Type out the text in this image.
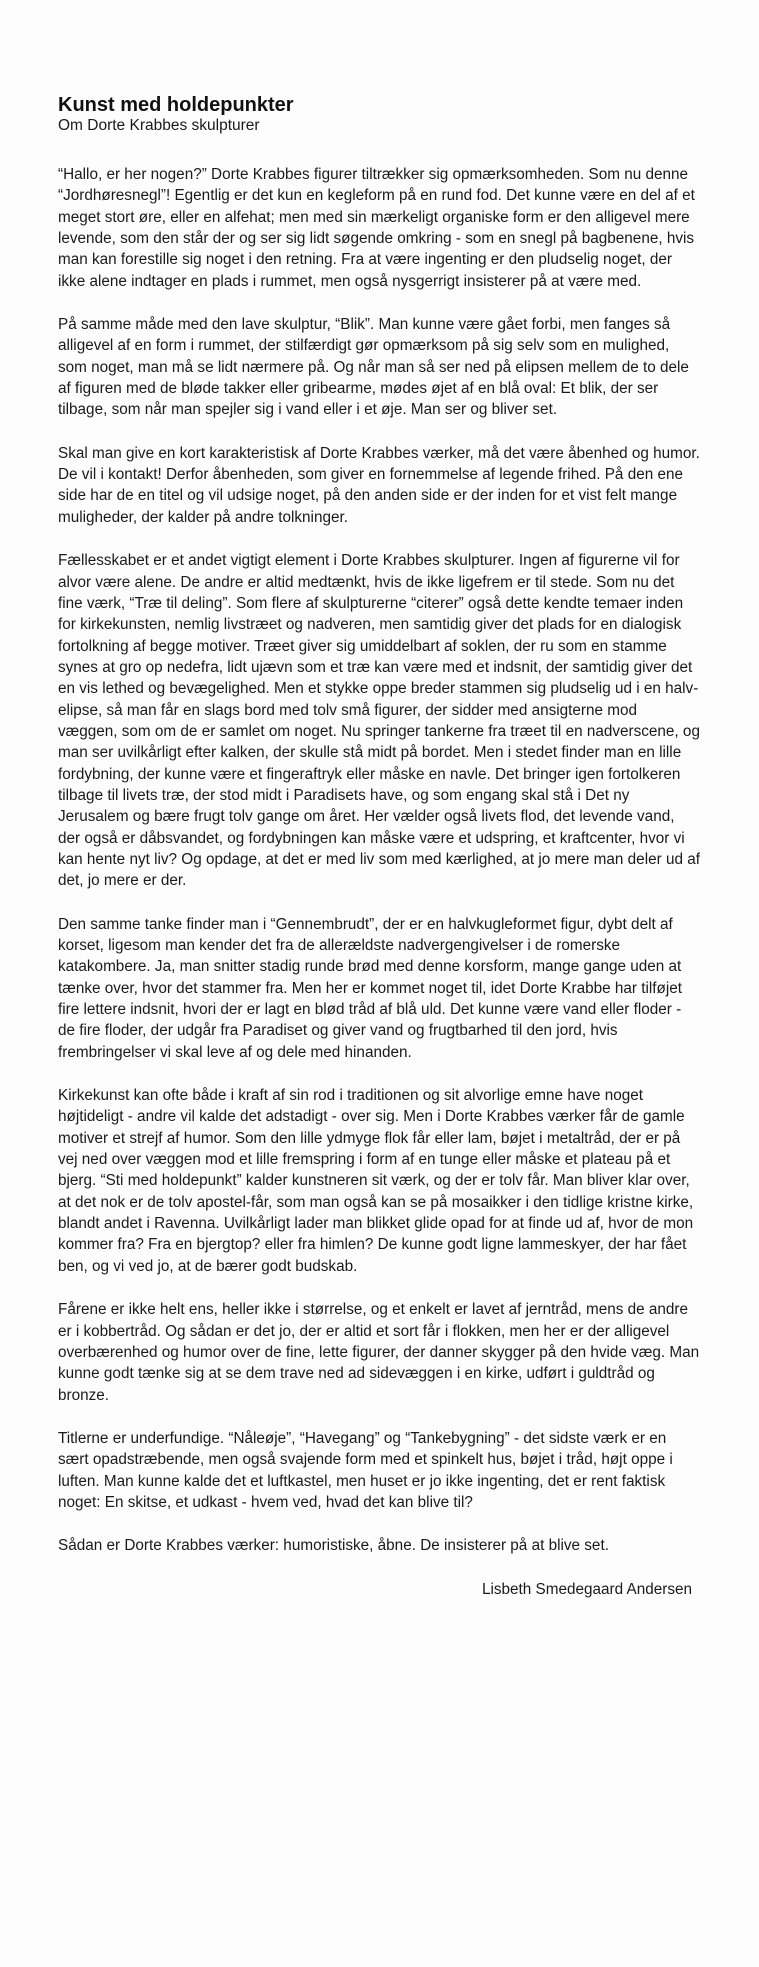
Kunst med holdepunkter
Om Dorte Krabbes skulpturer

“Hallo, er her nogen?” Dorte Krabbes figurer tiltrækker sig opmærksomheden. Som nu denne “Jordhøresnegl”! Egentlig er det kun en kegleform på en rund fod. Det kunne være en del af et meget stort øre, eller en alfehat; men med sin mærkeligt organiske form er den alligevel mere levende, som den står der og ser sig lidt søgende omkring - som en snegl på bagbenene, hvis man kan forestille sig noget i den retning. Fra at være ingenting er den pludselig noget, der ikke alene indtager en plads i rummet, men også nysgerrigt insisterer på at være med.

På samme måde med den lave skulptur, “Blik”. Man kunne være gået forbi, men fanges så alligevel af en form i rummet, der stilfærdigt gør opmærksom på sig selv som en mulighed, som noget, man må se lidt nærmere på. Og når man så ser ned på elipsen mellem de to dele af figuren med de bløde takker eller gribearme, mødes øjet af en blå oval: Et blik, der ser tilbage, som når man spejler sig i vand eller i et øje. Man ser og bliver set.

Skal man give en kort karakteristisk af Dorte Krabbes værker, må det være åbenhed og humor. De vil i kontakt! Derfor åbenheden, som giver en fornemmelse af legende frihed. På den ene side har de en titel og vil udsige noget, på den anden side er der inden for et vist felt mange muligheder, der kalder på andre tolkninger.

Fællesskabet er et andet vigtigt element i Dorte Krabbes skulpturer. Ingen af figurerne vil for alvor være alene. De andre er altid medtænkt, hvis de ikke ligefrem er til stede. Som nu det fine værk, “Træ til deling”. Som flere af skulpturerne “citerer” også dette kendte temaer inden for kirkekunsten, nemlig livstræet og nadveren, men samtidig giver det plads for en dialogisk fortolkning af begge motiver. Træet giver sig umiddelbart af soklen, der ru som en stamme synes at gro op nedefra, lidt ujævn som et træ kan være med et indsnit, der samtidig giver det en vis lethed og bevægelighed. Men et stykke oppe breder stammen sig pludselig ud i en halv-elipse, så man får en slags bord med tolv små figurer, der sidder med ansigterne mod væggen, som om de er samlet om noget. Nu springer tankerne fra træet til en nadverscene, og man ser uvilkårligt efter kalken, der skulle stå midt på bordet. Men i stedet finder man en lille fordybning, der kunne være et fingeraftryk eller måske en navle. Det bringer igen fortolkeren tilbage til livets træ, der stod midt i Paradisets have, og som engang skal stå i Det ny Jerusalem og bære frugt tolv gange om året. Her vælder også livets flod, det levende vand, der også er dåbsvandet, og fordybningen kan måske være et udspring, et kraftcenter, hvor vi kan hente nyt liv? Og opdage, at det er med liv som med kærlighed, at jo mere man deler ud af det, jo mere er der.

Den samme tanke finder man i “Gennembrudt”, der er en halvkugleformet figur, dybt delt af korset, ligesom man kender det fra de allerældste nadvergengivelser i de romerske katakombere. Ja, man snitter stadig runde brød med denne korsform, mange gange uden at tænke over, hvor det stammer fra. Men her er kommet noget til, idet Dorte Krabbe har tilføjet fire lettere indsnit, hvori der er lagt en blød tråd af blå uld. Det kunne være vand eller floder - de fire floder, der udgår fra Paradiset og giver vand og frugtbarhed til den jord, hvis frembringelser vi skal leve af og dele med hinanden.

Kirkekunst kan ofte både i kraft af sin rod i traditionen og sit alvorlige emne have noget højtideligt - andre vil kalde det adstadigt - over sig. Men i Dorte Krabbes værker får de gamle motiver et strejf af humor. Som den lille ydmyge flok får eller lam, bøjet i metaltråd, der er på vej ned over væggen mod et lille fremspring i form af en tunge eller måske et plateau på et bjerg. “Sti med holdepunkt” kalder kunstneren sit værk, og der er tolv får. Man bliver klar over, at det nok er de tolv apostel-får, som man også kan se på mosaikker i den tidlige kristne kirke, blandt andet i Ravenna. Uvilkårligt lader man blikket glide opad for at finde ud af, hvor de mon kommer fra? Fra en bjergtop? eller fra himlen? De kunne godt ligne lammeskyer, der har fået ben, og vi ved jo, at de bærer godt budskab.

Fårene er ikke helt ens, heller ikke i størrelse, og et enkelt er lavet af jerntråd, mens de andre er i kobbertråd. Og sådan er det jo, der er altid et sort får i flokken, men her er der alligevel overbærenhed og humor over de fine, lette figurer, der danner skygger på den hvide væg. Man kunne godt tænke sig at se dem trave ned ad sidevæggen i en kirke, udført i guldtråd og bronze.

Titlerne er underfundige. “Nåleøje”, “Havegang” og “Tankebygning” - det sidste værk er en sært opadstræbende, men også svajende form med et spinkelt hus, bøjet i tråd, højt oppe i luften. Man kunne kalde det et luftkastel, men huset er jo ikke ingenting, det er rent faktisk noget: En skitse, et udkast - hvem ved, hvad det kan blive til?

Sådan er Dorte Krabbes værker: humoristiske, åbne. De insisterer på at blive set.

Lisbeth Smedegaard Andersen
